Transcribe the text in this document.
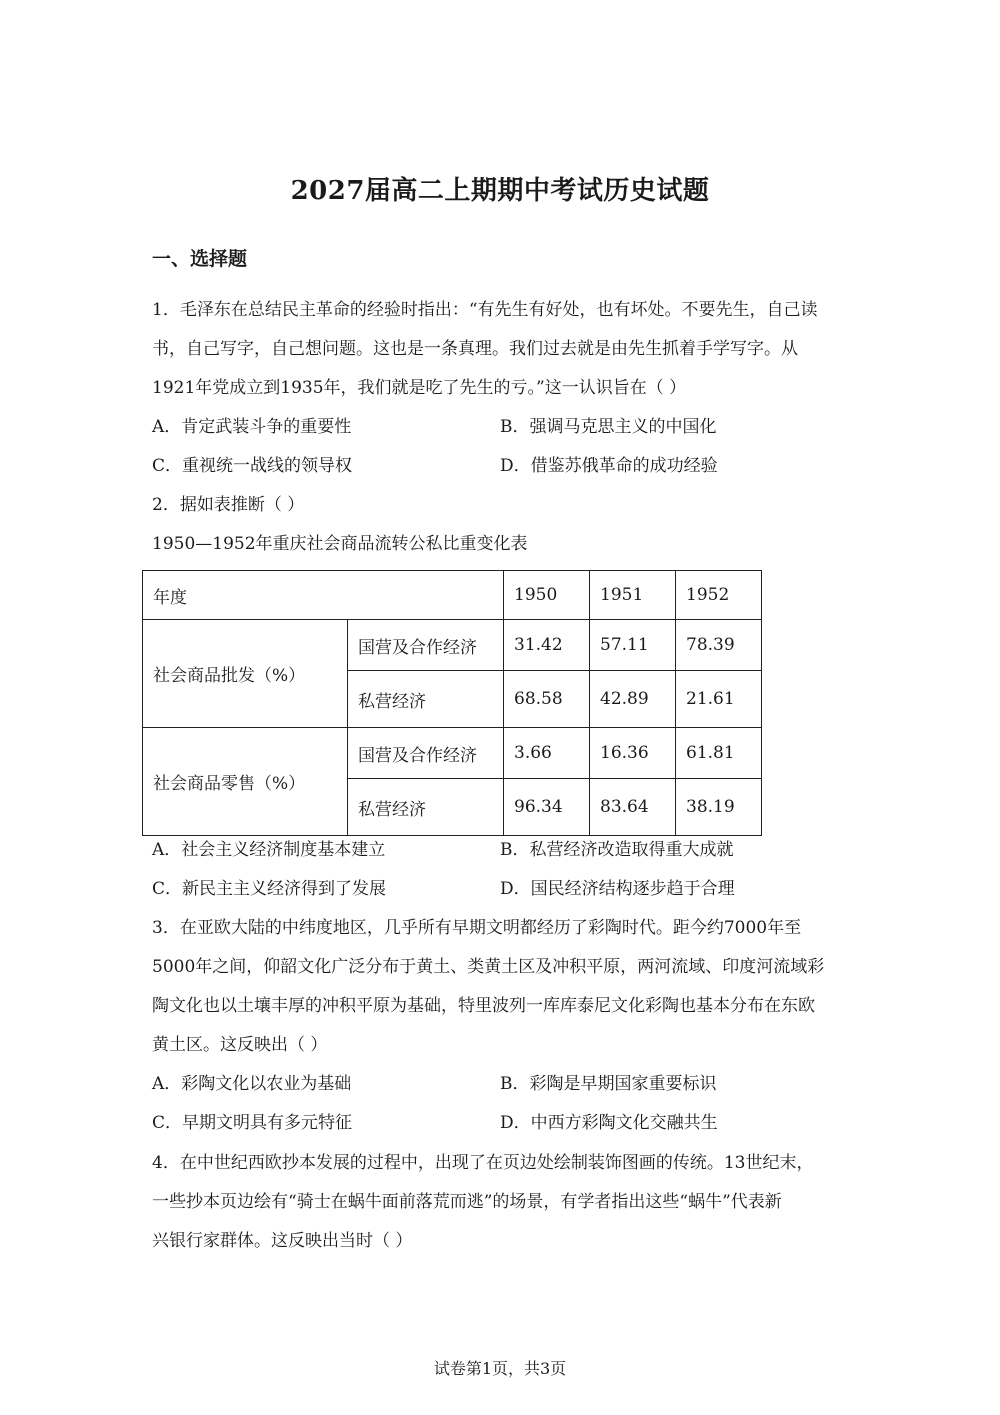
2027届高二上期期中考试历史试题
一、选择题
1．毛泽东在总结民主革命的经验时指出：“有先生有好处，也有坏处。不要先生，自己读
书，自己写字，自己想问题。这也是一条真理。我们过去就是由先生抓着手学写字。从
1921年党成立到1935年，我们就是吃了先生的亏。”这一认识旨在（ ）
A．肯定武装斗争的重要性	B．强调马克思主义的中国化
C．重视统一战线的领导权	D．借鉴苏俄革命的成功经验
2．据如表推断（ ）
1950—1952年重庆社会商品流转公私比重变化表
年度		1950	1951	1952
社会商品批发（%）	国营及合作经济	31.42	57.11	78.39
	私营经济	68.58	42.89	21.61
社会商品零售（%）	国营及合作经济	3.66	16.36	61.81
	私营经济	96.34	83.64	38.19
A．社会主义经济制度基本建立	B．私营经济改造取得重大成就
C．新民主主义经济得到了发展	D．国民经济结构逐步趋于合理
3．在亚欧大陆的中纬度地区，几乎所有早期文明都经历了彩陶时代。距今约7000年至
5000年之间，仰韶文化广泛分布于黄土、类黄土区及冲积平原，两河流域、印度河流域彩
陶文化也以土壤丰厚的冲积平原为基础，特里波列一库库泰尼文化彩陶也基本分布在东欧
黄土区。这反映出（ ）
A．彩陶文化以农业为基础	B．彩陶是早期国家重要标识
C．早期文明具有多元特征	D．中西方彩陶文化交融共生
4．在中世纪西欧抄本发展的过程中，出现了在页边处绘制装饰图画的传统。13世纪末，
一些抄本页边绘有“骑士在蜗牛面前落荒而逃”的场景，有学者指出这些“蜗牛”代表新
兴银行家群体。这反映出当时（ ）
试卷第1页，共3页
